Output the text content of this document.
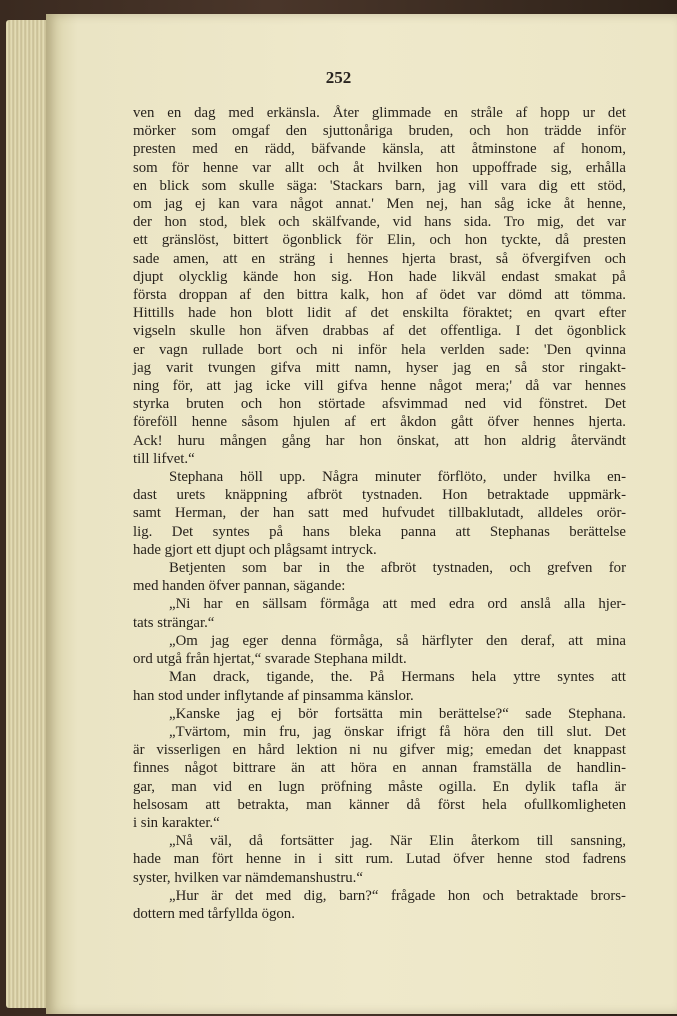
252
ven en dag med erkänsla. Åter glimmade en stråle af hopp ur det
mörker som omgaf den sjuttonåriga bruden, och hon trädde inför
presten med en rädd, bäfvande känsla, att åtminstone af honom,
som för henne var allt och åt hvilken hon uppoffrade sig, erhålla
en blick som skulle säga: 'Stackars barn, jag vill vara dig ett stöd,
om jag ej kan vara något annat.' Men nej, han såg icke åt henne,
der hon stod, blek och skälfvande, vid hans sida. Tro mig, det var
ett gränslöst, bittert ögonblick för Elin, och hon tyckte, då presten
sade amen, att en sträng i hennes hjerta brast, så öfvergifven och
djupt olycklig kände hon sig. Hon hade likväl endast smakat på
första droppan af den bittra kalk, hon af ödet var dömd att tömma.
Hittills hade hon blott lidit af det enskilta föraktet; en qvart efter
vigseln skulle hon äfven drabbas af det offentliga. I det ögonblick
er vagn rullade bort och ni inför hela verlden sade: 'Den qvinna
jag varit tvungen gifva mitt namn, hyser jag en så stor ringakt-
ning för, att jag icke vill gifva henne något mera;' då var hennes
styrka bruten och hon störtade afsvimmad ned vid fönstret. Det
föreföll henne såsom hjulen af ert åkdon gått öfver hennes hjerta.
Ack! huru mången gång har hon önskat, att hon aldrig återvändt
till lifvet.“
Stephana höll upp. Några minuter förflöto, under hvilka en-
dast urets knäppning afbröt tystnaden. Hon betraktade uppmärk-
samt Herman, der han satt med hufvudet tillbaklutadt, alldeles orör-
lig. Det syntes på hans bleka panna att Stephanas berättelse
hade gjort ett djupt och plågsamt intryck.
Betjenten som bar in the afbröt tystnaden, och grefven for
med handen öfver pannan, sägande:
„Ni har en sällsam förmåga att med edra ord anslå alla hjer-
tats strängar.“
„Om jag eger denna förmåga, så härflyter den deraf, att mina
ord utgå från hjertat,“ svarade Stephana mildt.
Man drack, tigande, the. På Hermans hela yttre syntes att
han stod under inflytande af pinsamma känslor.
„Kanske jag ej bör fortsätta min berättelse?“ sade Stephana.
„Tvärtom, min fru, jag önskar ifrigt få höra den till slut. Det
är visserligen en hård lektion ni nu gifver mig; emedan det knappast
finnes något bittrare än att höra en annan framställa de handlin-
gar, man vid en lugn pröfning måste ogilla. En dylik tafla är
helsosam att betrakta, man känner då först hela ofullkomligheten
i sin karakter.“
„Nå väl, då fortsätter jag. När Elin återkom till sansning,
hade man fört henne in i sitt rum. Lutad öfver henne stod fadrens
syster, hvilken var nämdemanshustru.“
„Hur är det med dig, barn?“ frågade hon och betraktade brors-
dottern med tårfyllda ögon.
